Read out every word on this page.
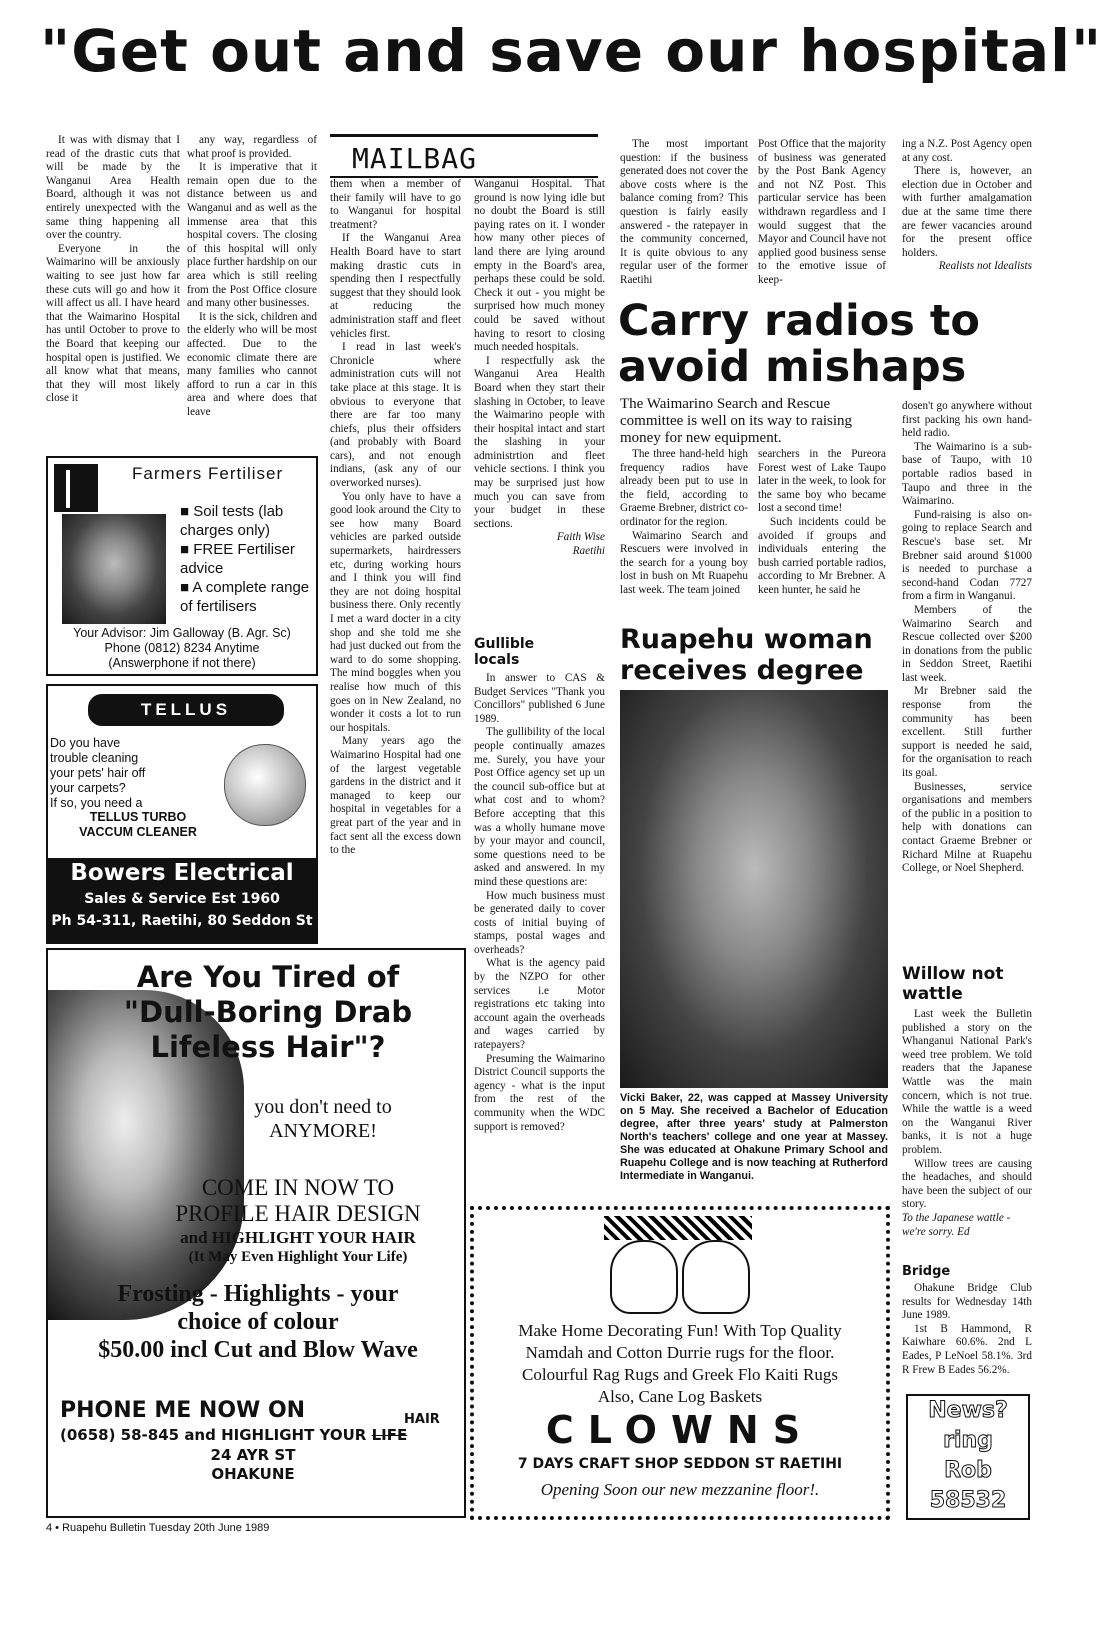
"Get out and save our hospital"

It was with dismay that I read of the drastic cuts that will be made by the Wanganui Area Health Board, although it was not entirely unexpected with the same thing happening all over the country.

Everyone in the Waimarino will be anxiously waiting to see just how far these cuts will go and how it will affect us all. I have heard that the Waimarino Hospital has until October to prove to the Board that keeping our hospital open is justified. We all know what that means, that they will most likely close it

any way, regardless of what proof is provided.

It is imperative that it remain open due to the distance between us and Wanganui and as well as the immense area that this hospital covers. The closing of this hospital will only place further hardship on our area which is still reeling from the Post Office closure and many other businesses.

It is the sick, children and the elderly who will be most affected. Due to the economic climate there are many families who cannot afford to run a car in this area and where does that leave

Farmers Fertiliser
■ Soil tests (lab charges only)
■ FREE Fertiliser advice
■ A complete range of fertilisers
Your Advisor: Jim Galloway (B. Agr. Sc)
Phone (0812) 8234 Anytime
(Answerphone if not there)
TELLUS
Do you have
trouble cleaning
your pets' hair off
your carpets?
If so, you need a
TELLUS TURBO
VACCUM CLEANER
Bowers Electrical
Sales & Service Est 1960
Ph 54-311, Raetihi, 80 Seddon St
Are You Tired of
"Dull-Boring Drab
Lifeless Hair"?
you don't need to
ANYMORE!
COME IN NOW TO
PROFILE HAIR DESIGN
and HIGHLIGHT YOUR HAIR
(It May Even Highlight Your Life)
Frosting - Highlights - your
choice of colour
$50.00 incl Cut and Blow Wave
PHONE ME NOW ON	HAIR
(0658) 58-845 and HIGHLIGHT YOUR LIFE
24 AYR ST
OHAKUNE
4 • Ruapehu Bulletin Tuesday 20th June 1989
MAILBAG

them when a member of their family will have to go to Wanganui for hospital treatment?

If the Wanganui Area Health Board have to start making drastic cuts in spending then I respectfully suggest that they should look at reducing the administration staff and fleet vehicles first.

I read in last week's Chronicle where administration cuts will not take place at this stage. It is obvious to everyone that there are far too many chiefs, plus their offsiders (and probably with Board cars), and not enough indians, (ask any of our overworked nurses).

You only have to have a good look around the City to see how many Board vehicles are parked outside supermarkets, hairdressers etc, during working hours and I think you will find they are not doing hospital business there. Only recently I met a ward docter in a city shop and she told me she had just ducked out from the ward to do some shopping. The mind boggles when you realise how much of this goes on in New Zealand, no wonder it costs a lot to run our hospitals.

Many years ago the Waimarino Hospital had one of the largest vegetable gardens in the district and it managed to keep our hospital in vegetables for a great part of the year and in fact sent all the excess down to the

Wanganui Hospital. That ground is now lying idle but no doubt the Board is still paying rates on it. I wonder how many other pieces of land there are lying around empty in the Board's area, perhaps these could be sold. Check it out - you might be surprised how much money could be saved without having to resort to closing much needed hospitals.

I respectfully ask the Wanganui Area Health Board when they start their slashing in October, to leave the Waimarino people with their hospital intact and start the slashing in your administrtion and fleet vehicle sections. I think you may be surprised just how much you can save from your budget in these sections.

Faith Wise

Raetihi

Gullible locals

In answer to CAS & Budget Services "Thank you Concillors" published 6 June 1989.

The gullibility of the local people continually amazes me. Surely, you have your Post Office agency set up un the council sub-office but at what cost and to whom? Before accepting that this was a wholly humane move by your mayor and council, some questions need to be asked and answered. In my mind these questions are:

How much business must be generated daily to cover costs of initial buying of stamps, postal wages and overheads?

What is the agency paid by the NZPO for other services i.e Motor registrations etc taking into account again the overheads and wages carried by ratepayers?

Presuming the Waimarino District Council supports the agency - what is the input from the rest of the community when the WDC support is removed?

The most important question: if the business generated does not cover the above costs where is the balance coming from? This question is fairly easily answered - the ratepayer in the community concerned, It is quite obvious to any regular user of the former Raetihi

Post Office that the majority of business was generated by the Post Bank Agency and not NZ Post. This particular service has been withdrawn regardless and I would suggest that the Mayor and Council have not applied good business sense to the emotive issue of keep-

ing a N.Z. Post Agency open at any cost.

There is, however, an election due in October and with further amalgamation due at the same time there are fewer vacancies around for the present office holders.

Realists not Idealists

Carry radios to avoid mishaps
The Waimarino Search and Rescue committee is well on its way to raising money for new equipment.

The three hand-held high frequency radios have already been put to use in the field, according to Graeme Brebner, district co-ordinator for the region.

Waimarino Search and Rescuers were involved in the search for a young boy lost in bush on Mt Ruapehu last week. The team joined

searchers in the Pureora Forest west of Lake Taupo later in the week, to look for the same boy who became lost a second time!

Such incidents could be avoided if groups and individuals entering the bush carried portable radios, according to Mr Brebner. A keen hunter, he said he

dosen't go anywhere without first packing his own hand-held radio.

The Waimarino is a sub-base of Taupo, with 10 portable radios based in Taupo and three in the Waimarino.

Fund-raising is also on-going to replace Search and Rescue's base set. Mr Brebner said around $1000 is needed to purchase a second-hand Codan 7727 from a firm in Wanganui.

Members of the Waimarino Search and Rescue collected over $200 in donations from the public in Seddon Street, Raetihi last week.

Mr Brebner said the response from the community has been excellent. Still further support is needed he said, for the organisation to reach its goal.

Businesses, service organisations and members of the public in a position to help with donations can contact Graeme Brebner or Richard Milne at Ruapehu College, or Noel Shepherd.

Ruapehu woman receives degree
Vicki Baker, 22, was capped at Massey University on 5 May. She received a Bachelor of Education degree, after three years' study at Palmerston North's teachers' college and one year at Massey. She was educated at Ohakune Primary School and Ruapehu College and is now teaching at Rutherford Intermediate in Wanganui.
Willow not wattle

Last week the Bulletin published a story on the Whanganui National Park's weed tree problem. We told readers that the Japanese Wattle was the main concern, which is not true. While the wattle is a weed on the Wanganui River banks, it is not a huge problem.

Willow trees are causing the headaches, and should have been the subject of our story.

To the Japanese wattle - we're sorry. Ed

Bridge

Ohakune Bridge Club results for Wednesday 14th June 1989.

1st B Hammond, R Kaiwhare 60.6%. 2nd L Eades, P LeNoel 58.1%. 3rd R Frew B Eades 56.2%.

News?
ring
Rob
58532
Make Home Decorating Fun! With Top Quality
Namdah and Cotton Durrie rugs for the floor.
Colourful Rag Rugs and Greek Flo Kaiti Rugs
Also, Cane Log Baskets
CLOWNS
7 DAYS CRAFT SHOP SEDDON ST RAETIHI
Opening Soon our new mezzanine floor!.
